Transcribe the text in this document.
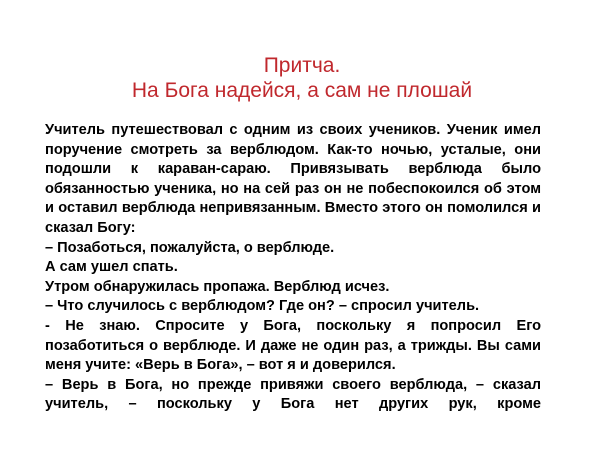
Притча.
На Бога надейся, а сам не плошай

Учитель путешествовал с одним из своих учеников. Ученик имел поручение смотреть за верблюдом. Как-то ночью, усталые, они подошли к караван-сараю. Привязывать верблюда было обязанностью ученика, но на сей раз он не побеспокоился об этом и оставил верблюда непривязанным. Вместо этого он помолился и сказал Богу:

– Позаботься, пожалуйста, о верблюде.

А сам ушел спать.

Утром обнаружилась пропажа. Верблюд исчез.

– Что случилось с верблюдом? Где он? – спросил учитель.

- Не знаю. Спросите у Бога, поскольку я попросил Его позаботиться о верблюде. И даже не один раз, а трижды. Вы сами меня учите: «Верь в Бога», – вот я и доверился.

– Верь в Бога, но прежде привяжи своего верблюда, – сказал учитель, – поскольку у Бога нет других рук, кроме
